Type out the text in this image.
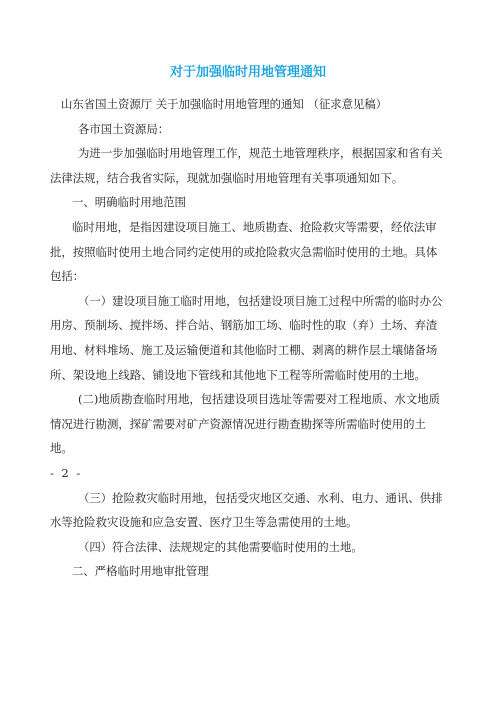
对于加强临时用地管理通知

山东省国土资源厅 关于加强临时用地管理的通知 （征求意见稿）

各市国土资源局：

为进一步加强临时用地管理工作，规范土地管理秩序，根据国家和省有关法律法规，结合我省实际，现就加强临时用地管理有关事项通知如下。

一、明确临时用地范围

临时用地，是指因建设项目施工、地质勘查、抢险救灾等需要，经依法审批，按照临时使用土地合同约定使用的或抢险救灾急需临时使用的土地。具体包括：

（一）建设项目施工临时用地，包括建设项目施工过程中所需的临时办公用房、预制场、搅拌场、拌合站、钢筋加工场、临时性的取（弃）土场、弃渣用地、材料堆场、施工及运输便道和其他临时工棚、剥离的耕作层土壤储备场所、架设地上线路、铺设地下管线和其他地下工程等所需临时使用的土地。

(二)地质勘查临时用地，包括建设项目选址等需要对工程地质、水文地质情况进行勘测，探矿需要对矿产资源情况进行勘查勘探等所需临时使用的土地。

- 2 -

（三）抢险救灾临时用地，包括受灾地区交通、水利、电力、通讯、供排水等抢险救灾设施和应急安置、医疗卫生等急需使用的土地。

（四）符合法律、法规规定的其他需要临时使用的土地。

二、严格临时用地审批管理
